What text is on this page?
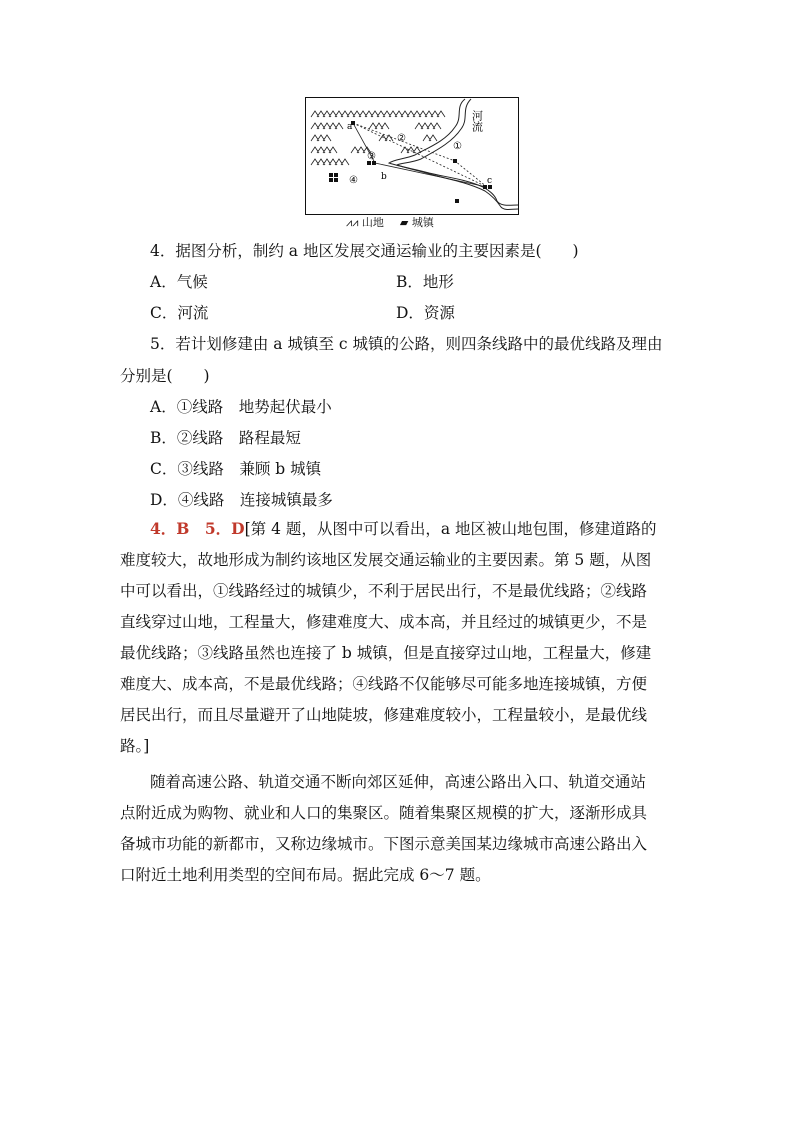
河流
①
②
③
④
a
b	c
⩘⩘ 山地 ▰ 城镇
4．据图分析，制约 a 地区发展交通运输业的主要因素是(　　)
A．气候	B．地形
C．河流	D．资源
5．若计划修建由 a 城镇至 c 城镇的公路，则四条线路中的最优线路及理由
分别是(　　)
A．①线路　地势起伏最小
B．②线路　路程最短
C．③线路　兼顾 b 城镇
D．④线路　连接城镇最多
4．B　5．D[第 4 题，从图中可以看出，a 地区被山地包围，修建道路的
难度较大，故地形成为制约该地区发展交通运输业的主要因素。第 5 题，从图
中可以看出，①线路经过的城镇少，不利于居民出行，不是最优线路；②线路
直线穿过山地，工程量大，修建难度大、成本高，并且经过的城镇更少，不是
最优线路；③线路虽然也连接了 b 城镇，但是直接穿过山地，工程量大，修建
难度大、成本高，不是最优线路；④线路不仅能够尽可能多地连接城镇，方便
居民出行，而且尽量避开了山地陡坡，修建难度较小，工程量较小，是最优线
路。]
随着高速公路、轨道交通不断向郊区延伸，高速公路出入口、轨道交通站
点附近成为购物、就业和人口的集聚区。随着集聚区规模的扩大，逐渐形成具
备城市功能的新都市，又称边缘城市。下图示意美国某边缘城市高速公路出入
口附近土地利用类型的空间布局。据此完成 6～7 题。
